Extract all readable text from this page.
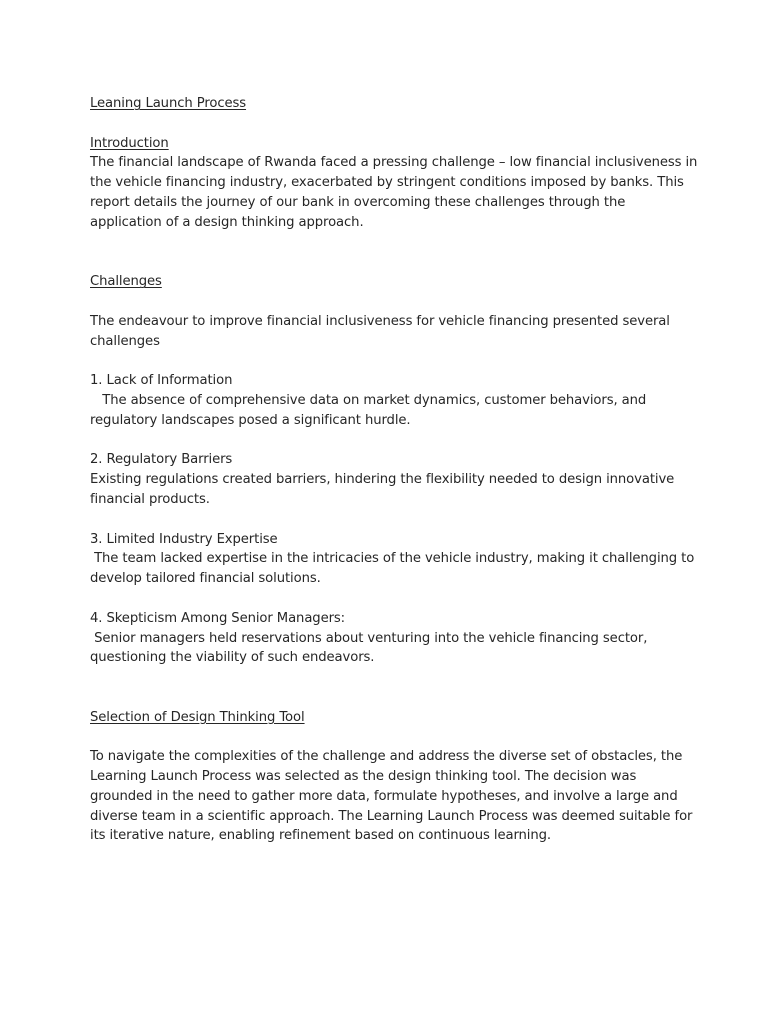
Leaning Launch Process
Introduction
The financial landscape of Rwanda faced a pressing challenge – low financial inclusiveness in
the vehicle financing industry, exacerbated by stringent conditions imposed by banks. This
report details the journey of our bank in overcoming these challenges through the
application of a design thinking approach.
Challenges
The endeavour to improve financial inclusiveness for vehicle financing presented several
challenges
1. Lack of Information
The absence of comprehensive data on market dynamics, customer behaviors, and
regulatory landscapes posed a significant hurdle.
2. Regulatory Barriers
Existing regulations created barriers, hindering the flexibility needed to design innovative
financial products.
3. Limited Industry Expertise
The team lacked expertise in the intricacies of the vehicle industry, making it challenging to
develop tailored financial solutions.
4. Skepticism Among Senior Managers:
Senior managers held reservations about venturing into the vehicle financing sector,
questioning the viability of such endeavors.
Selection of Design Thinking Tool
To navigate the complexities of the challenge and address the diverse set of obstacles, the
Learning Launch Process was selected as the design thinking tool. The decision was
grounded in the need to gather more data, formulate hypotheses, and involve a large and
diverse team in a scientific approach. The Learning Launch Process was deemed suitable for
its iterative nature, enabling refinement based on continuous learning.
